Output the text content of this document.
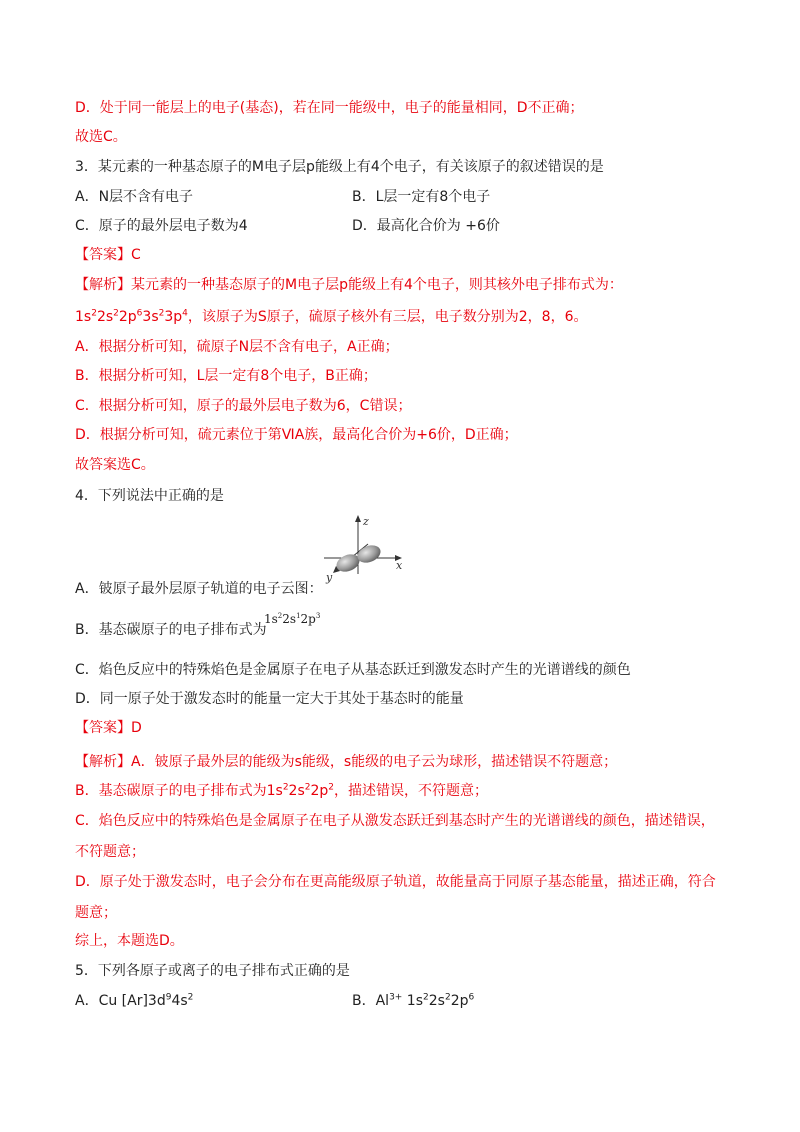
D．处于同一能层上的电子(基态)，若在同一能级中，电子的能量相同，D不正确；
故选C。
3．某元素的一种基态原子的M电子层p能级上有4个电子，有关该原子的叙述错误的是
A．N层不含有电子	B．L层一定有8个电子
C．原子的最外层电子数为4	D．最高化合价为 +6价
【答案】C
【解析】某元素的一种基态原子的M电子层p能级上有4个电子，则其核外电子排布式为：
$1s^22s^22p^63s^23p^4$，该原子为S原子，硫原子核外有三层，电子数分别为2，8，6。
A．根据分析可知，硫原子N层不含有电子，A正确；
B．根据分析可知，L层一定有8个电子，B正确；
C．根据分析可知，原子的最外层电子数为6，C错误；
D．根据分析可知，硫元素位于第ⅥA族，最高化合价为+6价，D正确；
故答案选C。
4．下列说法中正确的是
z
x
y
A．铍原子最外层原子轨道的电子云图：
B．基态碳原子的电子排布式为
$1s^22s^12p^3$
C．焰色反应中的特殊焰色是金属原子在电子从基态跃迁到激发态时产生的光谱谱线的颜色
D．同一原子处于激发态时的能量一定大于其处于基态时的能量
【答案】D
【解析】A．铍原子最外层的能级为s能级，s能级的电子云为球形，描述错误不符题意；
B．基态碳原子的电子排布式为$1s^22s^22p^2$，描述错误，不符题意；
C．焰色反应中的特殊焰色是金属原子在电子从激发态跃迁到基态时产生的光谱谱线的颜色，描述错误，
不符题意；
D．原子处于激发态时，电子会分布在更高能级原子轨道，故能量高于同原子基态能量，描述正确，符合
题意；
综上，本题选D。
5．下列各原子或离子的电子排布式正确的是
A．Cu $[Ar]3d^94s^2$	B．$Al^{3+}$ $1s^22s^22p^6$
